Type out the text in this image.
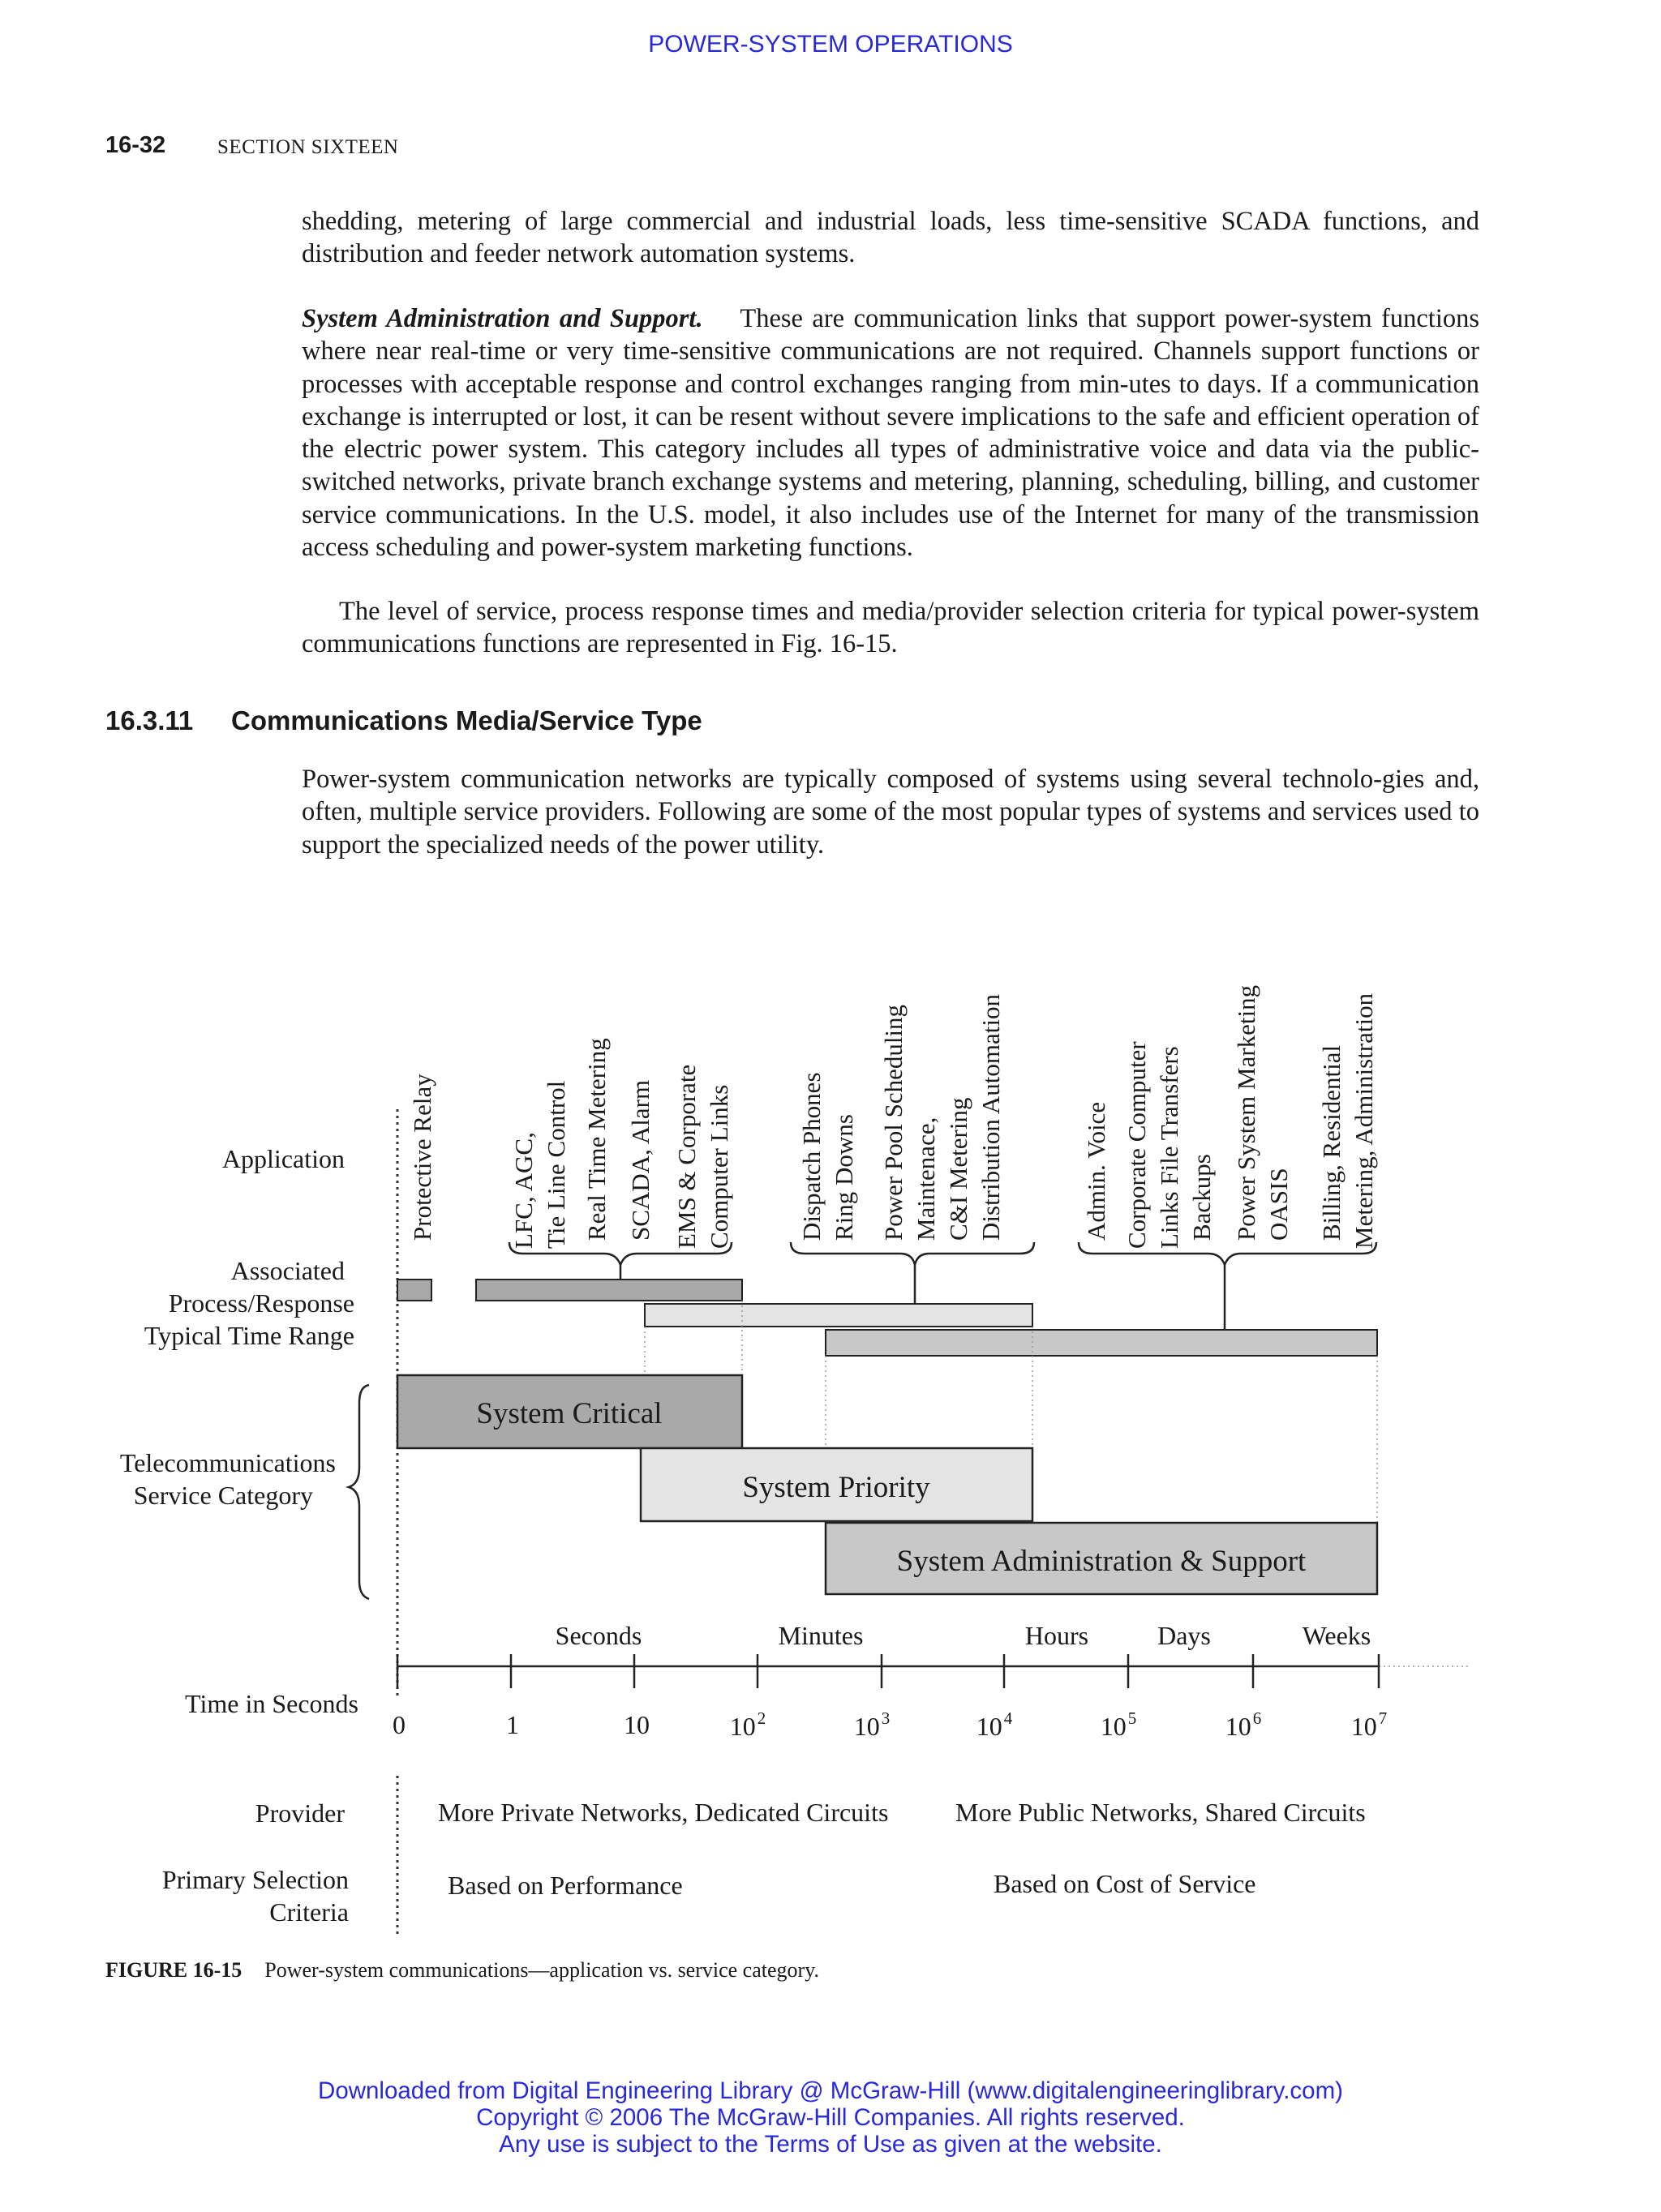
POWER-SYSTEM OPERATIONS
16-32	SECTION SIXTEEN

shedding, metering of large commercial and industrial loads, less time-sensitive SCADA functions, and distribution and feeder network automation systems.

System Administration and Support. These are communication links that support power-system functions where near real-time or very time-sensitive communications are not required. Channels support functions or processes with acceptable response and control exchanges ranging from min-utes to days. If a communication exchange is interrupted or lost, it can be resent without severe implications to the safe and efficient operation of the electric power system. This category includes all types of administrative voice and data via the public-switched networks, private branch exchange systems and metering, planning, scheduling, billing, and customer service communications. In the U.S. model, it also includes use of the Internet for many of the transmission access scheduling and power-system marketing functions.

The level of service, process response times and media/provider selection criteria for typical power-system communications functions are represented in Fig. 16-15.

16.3.11 Communications Media/Service Type

Power-system communication networks are typically composed of systems using several technolo-gies and, often, multiple service providers. Following are some of the most popular types of systems and services used to support the specialized needs of the power utility.

Application
Associated
Process/Response
Typical Time Range
Telecommunications
Service Category
Time in Seconds
Provider
Primary Selection
Criteria
Protective Relay	LFC, AGC, Tie Line Control Real Time Metering SCADA, Alarm EMS & Corporate Computer Links	Dispatch Phones Ring Downs Power Pool Scheduling Maintenace, C&I Metering Distribution Automation	Admin. Voice Corporate Computer Links File Transfers Backups Power System Marketing OASIS Billing, Residential Metering, Administration
System Critical
System Priority
System Administration & Support
Seconds	Minutes	Hours	Days	Weeks
0	1	10	$10^2$	$10^3$	$10^4$	$10^5$	$10^6$	$10^7$
More Private Networks, Dedicated Circuits	More Public Networks, Shared Circuits
Based on Performance	Based on Cost of Service
FIGURE 16-15 Power-system communications—application vs. service category.
Downloaded from Digital Engineering Library @ McGraw-Hill (www.digitalengineeringlibrary.com)
Copyright © 2006 The McGraw-Hill Companies. All rights reserved.
Any use is subject to the Terms of Use as given at the website.
